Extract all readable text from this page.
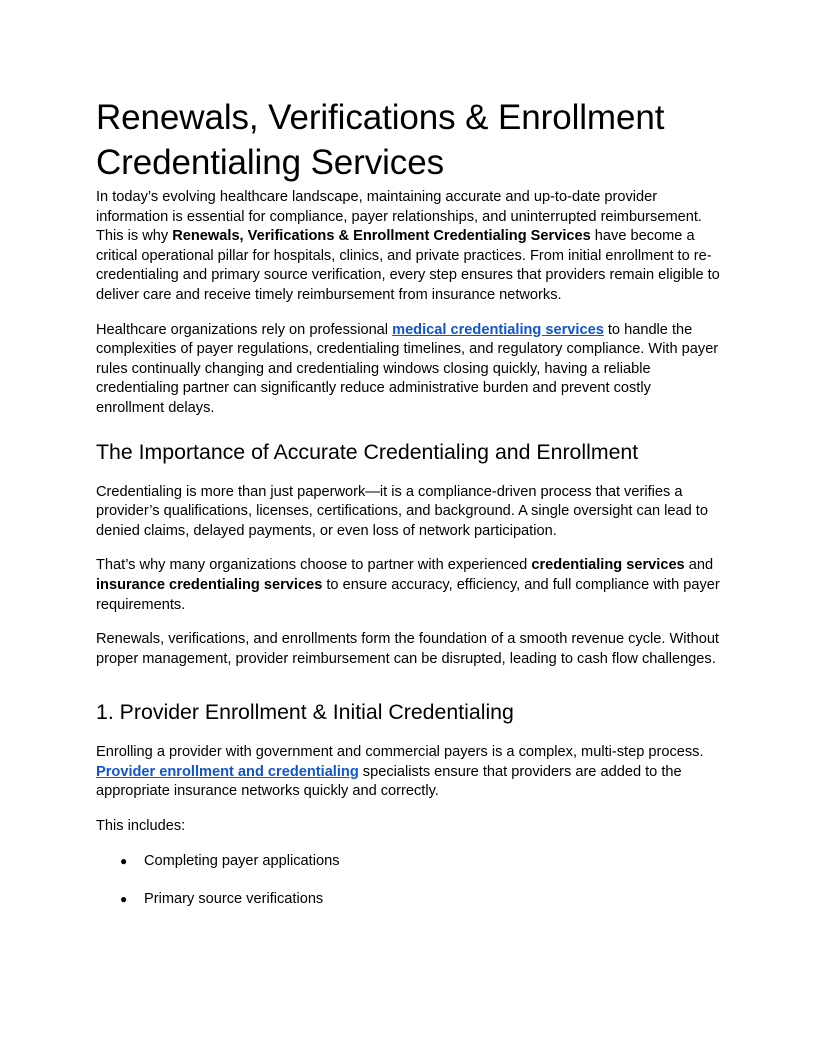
Renewals, Verifications & Enrollment Credentialing Services

In today’s evolving healthcare landscape, maintaining accurate and up-to-date provider information is essential for compliance, payer relationships, and uninterrupted reimbursement. This is why Renewals, Verifications & Enrollment Credentialing Services have become a critical operational pillar for hospitals, clinics, and private practices. From initial enrollment to re-credentialing and primary source verification, every step ensures that providers remain eligible to deliver care and receive timely reimbursement from insurance networks.

Healthcare organizations rely on professional medical credentialing services to handle the complexities of payer regulations, credentialing timelines, and regulatory compliance. With payer rules continually changing and credentialing windows closing quickly, having a reliable credentialing partner can significantly reduce administrative burden and prevent costly enrollment delays.

The Importance of Accurate Credentialing and Enrollment

Credentialing is more than just paperwork—it is a compliance-driven process that verifies a provider’s qualifications, licenses, certifications, and background. A single oversight can lead to denied claims, delayed payments, or even loss of network participation.

That’s why many organizations choose to partner with experienced credentialing services and insurance credentialing services to ensure accuracy, efficiency, and full compliance with payer requirements.

Renewals, verifications, and enrollments form the foundation of a smooth revenue cycle. Without proper management, provider reimbursement can be disrupted, leading to cash flow challenges.

1. Provider Enrollment & Initial Credentialing

Enrolling a provider with government and commercial payers is a complex, multi-step process. Provider enrollment and credentialing specialists ensure that providers are added to the appropriate insurance networks quickly and correctly.

This includes:

● Completing payer applications
● Primary source verifications
